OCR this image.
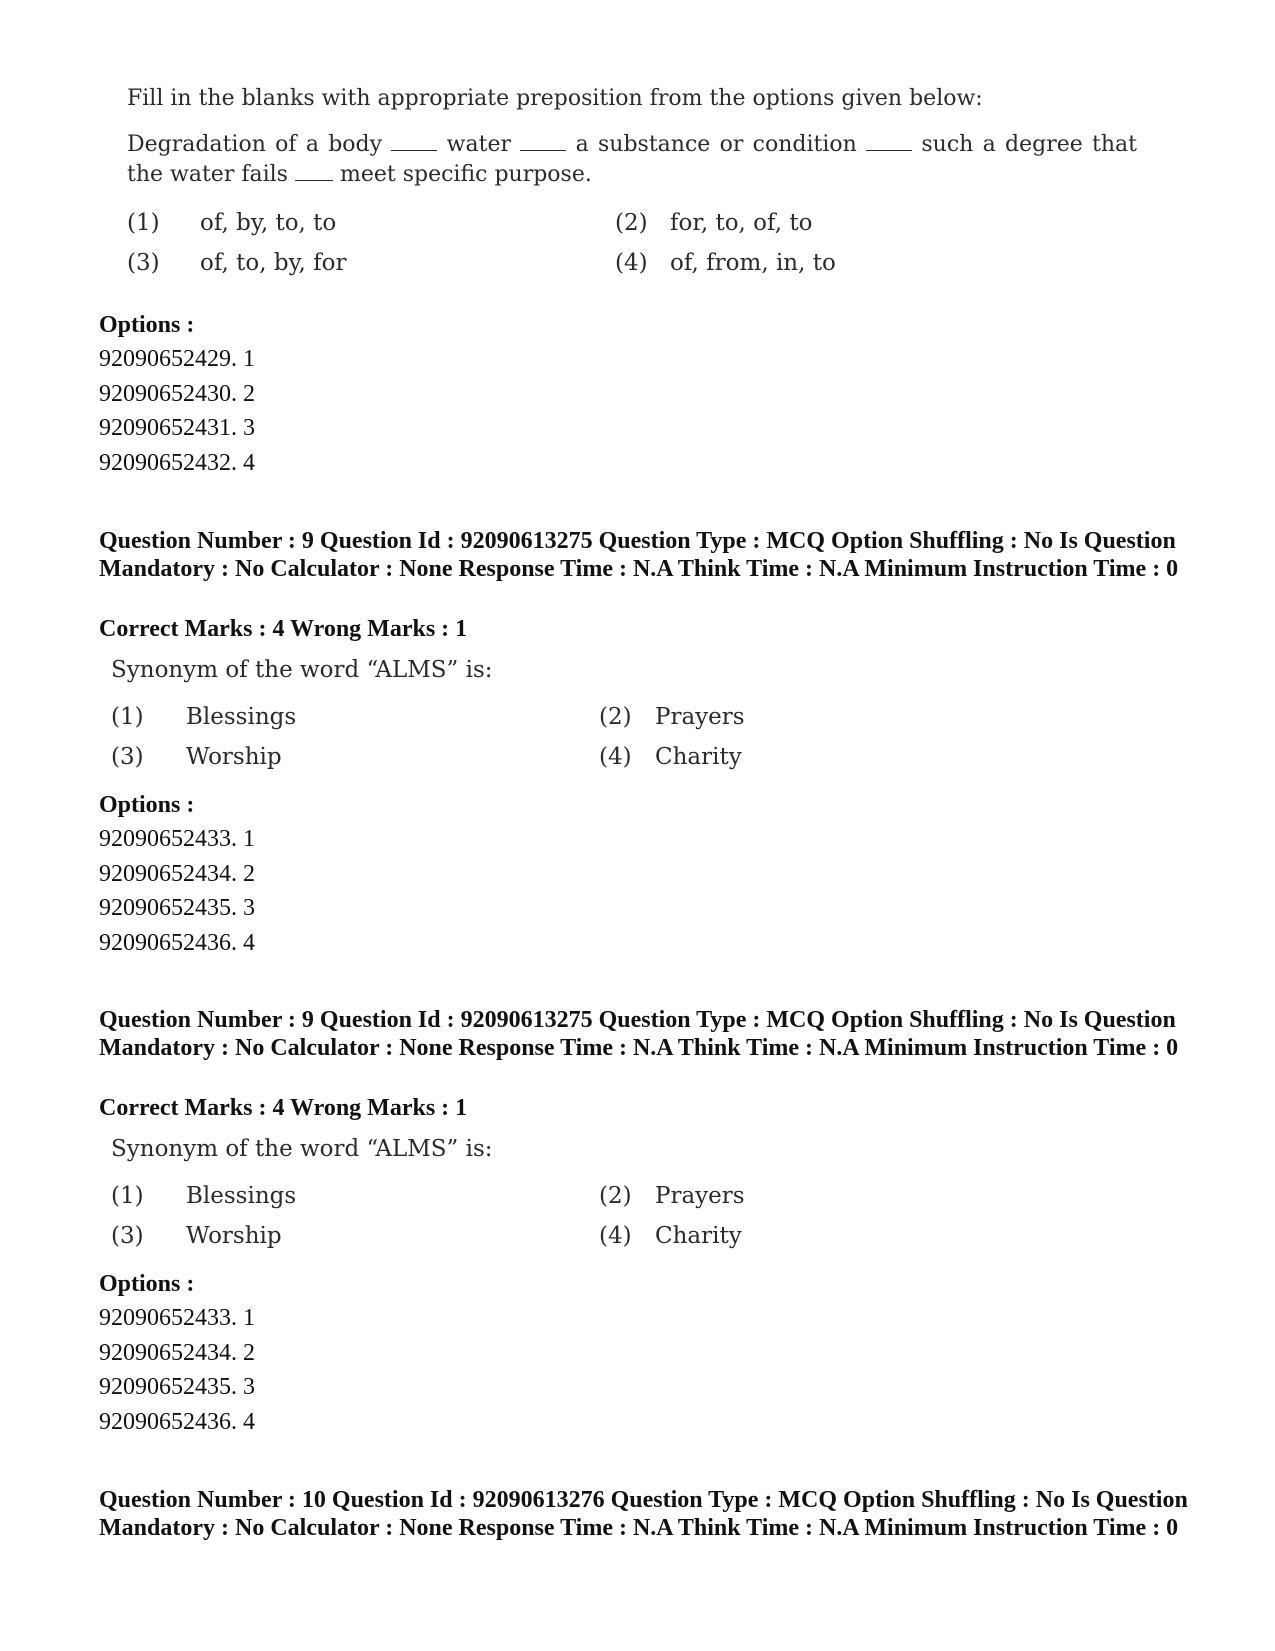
Fill in the blanks with appropriate preposition from the options given below:
Degradation of a body	water	a substance or condition	such a degree that the water fails meet specific purpose.
(1) of, by, to, to	(2) for, to, of, to
(3) of, to, by, for	(4) of, from, in, to
Options :
92090652429. 1
92090652430. 2
92090652431. 3
92090652432. 4
Question Number : 9 Question Id : 92090613275 Question Type : MCQ Option Shuffling : No Is Question Mandatory : No Calculator : None Response Time : N.A Think Time : N.A Minimum Instruction Time : 0
Correct Marks : 4 Wrong Marks : 1
Synonym of the word “ALMS” is:
(1) Blessings	(2) Prayers
(3) Worship	(4) Charity
Options :
92090652433. 1
92090652434. 2
92090652435. 3
92090652436. 4
Question Number : 9 Question Id : 92090613275 Question Type : MCQ Option Shuffling : No Is Question Mandatory : No Calculator : None Response Time : N.A Think Time : N.A Minimum Instruction Time : 0
Correct Marks : 4 Wrong Marks : 1
Synonym of the word “ALMS” is:
(1) Blessings	(2) Prayers
(3) Worship	(4) Charity
Options :
92090652433. 1
92090652434. 2
92090652435. 3
92090652436. 4
Question Number : 10 Question Id : 92090613276 Question Type : MCQ Option Shuffling : No Is Question Mandatory : No Calculator : None Response Time : N.A Think Time : N.A Minimum Instruction Time : 0
